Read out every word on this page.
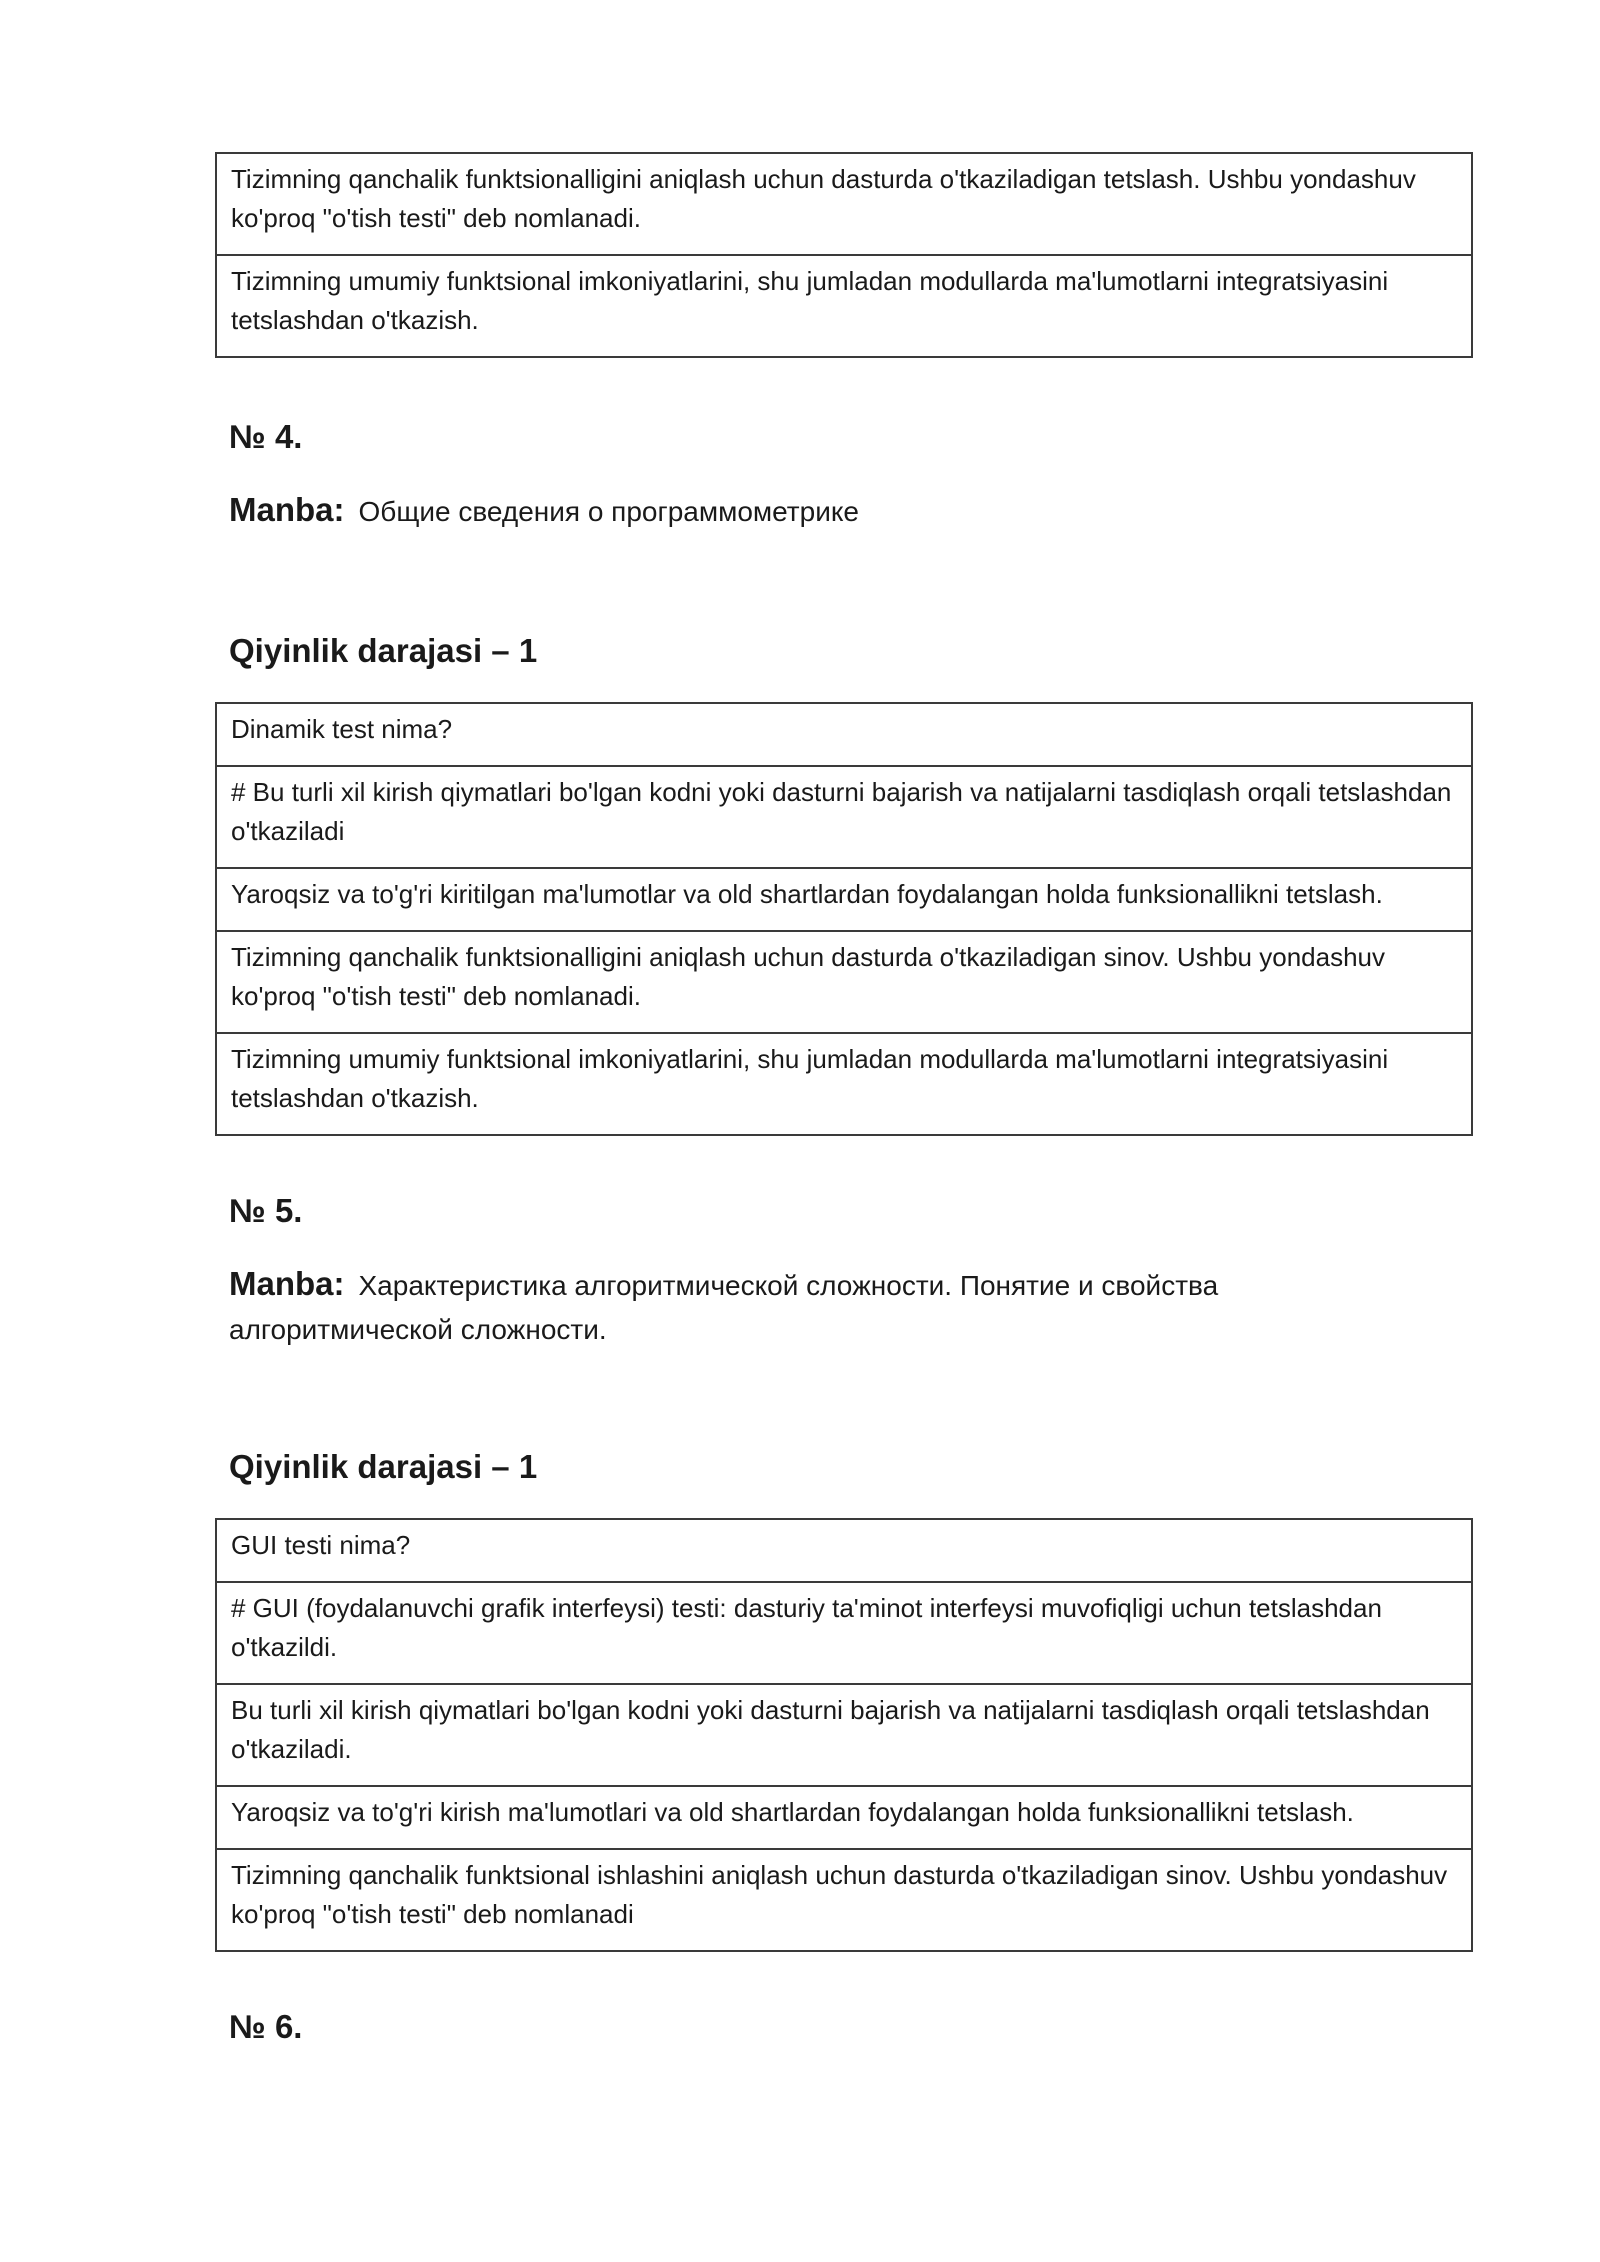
Tizimning qanchalik funktsionalligini aniqlash uchun dasturda o'tkaziladigan tetslash. Ushbu yondashuv ko'proq "o'tish testi" deb nomlanadi.
Tizimning umumiy funktsional imkoniyatlarini, shu jumladan modullarda ma'lumotlarni integratsiyasini tetslashdan o'tkazish.

№ 4.

Manba: Общие сведения о программометрике

Qiyinlik darajasi – 1

Dinamik test nima?
# Bu turli xil kirish qiymatlari bo'lgan kodni yoki dasturni bajarish va natijalarni tasdiqlash orqali tetslashdan o'tkaziladi
Yaroqsiz va to'g'ri kiritilgan ma'lumotlar va old shartlardan foydalangan holda funksionallikni tetslash.
Tizimning qanchalik funktsionalligini aniqlash uchun dasturda o'tkaziladigan sinov. Ushbu yondashuv ko'proq "o'tish testi" deb nomlanadi.
Tizimning umumiy funktsional imkoniyatlarini, shu jumladan modullarda ma'lumotlarni integratsiyasini tetslashdan o'tkazish.

№ 5.

Manba: Характеристика алгоритмической сложности. Понятие и свойства алгоритмической сложности.

Qiyinlik darajasi – 1

GUI testi nima?
# GUI (foydalanuvchi grafik interfeysi) testi: dasturiy ta'minot interfeysi muvofiqligi uchun tetslashdan o'tkazildi.
Bu turli xil kirish qiymatlari bo'lgan kodni yoki dasturni bajarish va natijalarni tasdiqlash orqali tetslashdan o'tkaziladi.
Yaroqsiz va to'g'ri kirish ma'lumotlari va old shartlardan foydalangan holda funksionallikni tetslash.
Tizimning qanchalik funktsional ishlashini aniqlash uchun dasturda o'tkaziladigan sinov. Ushbu yondashuv ko'proq "o'tish testi" deb nomlanadi

№ 6.
